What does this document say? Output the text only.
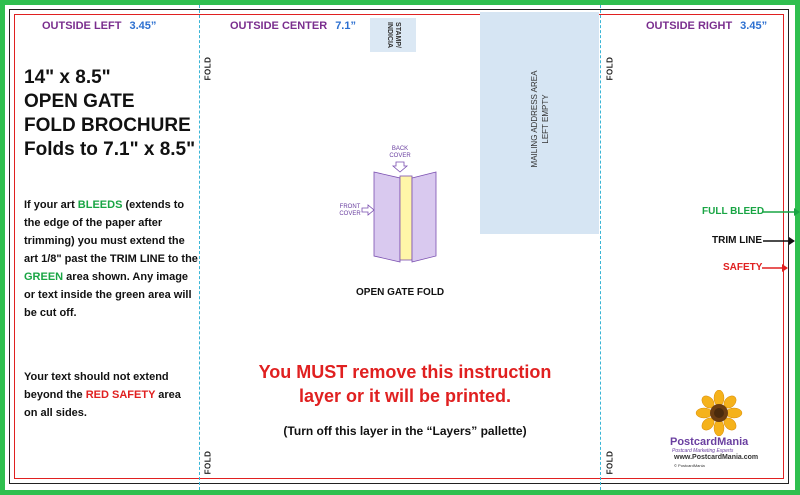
FOLD
FOLD
FOLD
FOLD
OUTSIDE LEFT 3.45”	OUTSIDE CENTER 7.1”	OUTSIDE RIGHT 3.45”
STAMP/ INDICIA
MAILING ADDRESS AREA LEFT EMPTY
14" x 8.5"
OPEN GATE
FOLD BROCHURE
Folds to 7.1" x 8.5"
If your art BLEEDS (extends to the edge of the paper after trimming) you must extend the art 1/8" past the TRIM LINE to the GREEN area shown. Any image or text inside the green area will be cut off.
Your text should not extend beyond the RED SAFETY area on all sides.
BACK COVER
FRONT COVER
OPEN GATE FOLD
You MUST remove this instruction
layer or it will be printed.
(Turn off this layer in the “Layers” pallette)
FULL BLEED
TRIM LINE
SAFETY
PostcardMania
Postcard Marketing Experts
www.PostcardMania.com
© PostcardMania
